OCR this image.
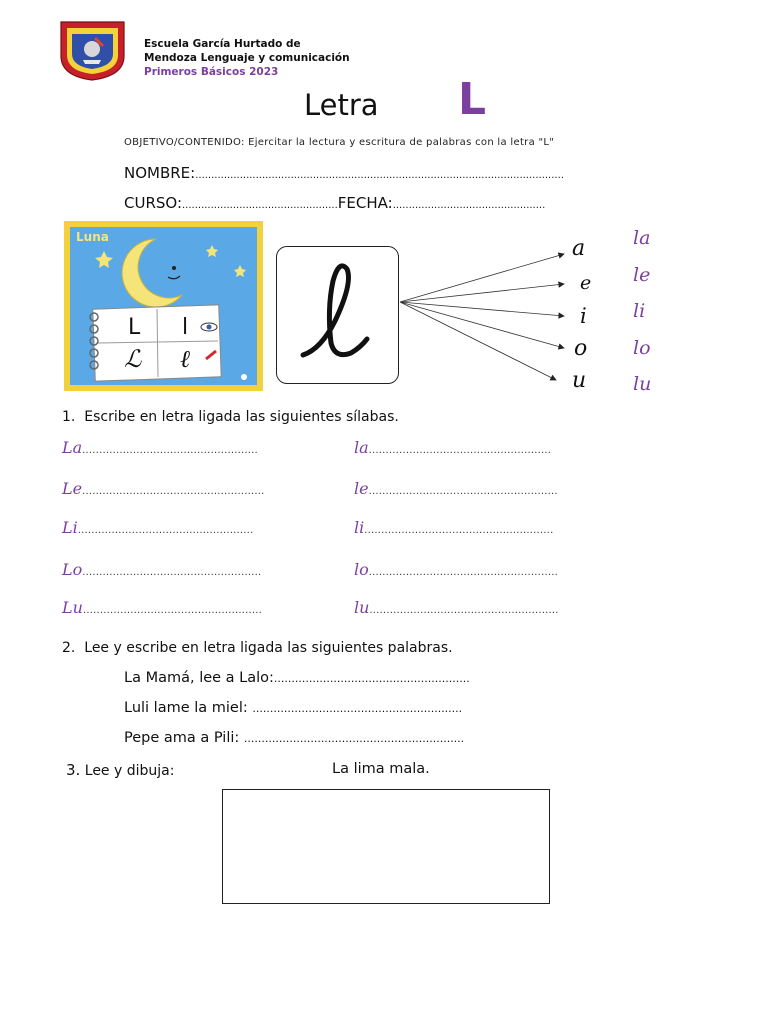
Escuela García Hurtado de
Mendoza Lenguaje y comunicación
Primeros Básicos 2023
Letra L
OBJETIVO/CONTENIDO: Ejercitar la lectura y escritura de palabras con la letra "L"
NOMBRE:....................................................................................................................
CURSO:.................................................FECHA:................................................
Luna
L l
ℒ ℓ
a
e
i
o
u
la
le
li
lo
lu
1. Escribe en letra ligada las siguientes sílabas.
La....................................................
Le......................................................
Li....................................................
Lo.....................................................
Lu.....................................................
la......................................................
le........................................................
li........................................................
lo........................................................
lu........................................................
2. Lee y escribe en letra ligada las siguientes palabras.
La Mamá, lee a Lalo:........................................................
Luli lame la miel: ............................................................
Pepe ama a Pili: ...............................................................
3. Lee y dibuja:	La lima mala.
